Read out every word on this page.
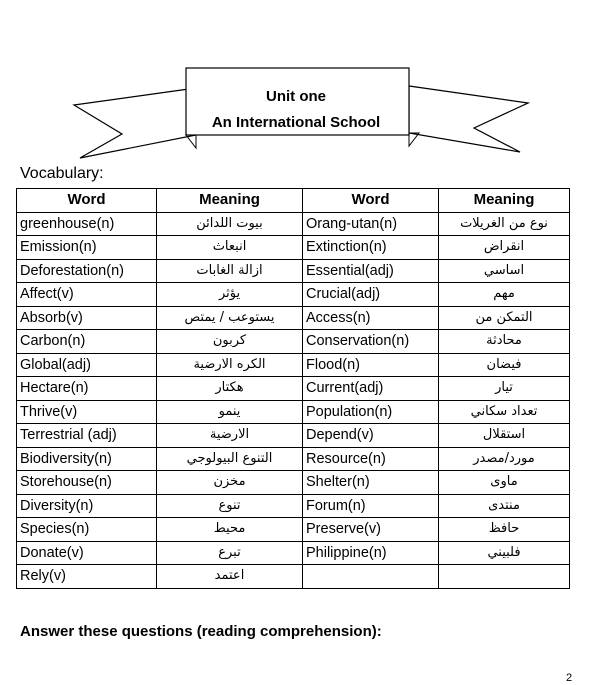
Unit one
An International School
Vocabulary:
Word	Meaning	Word	Meaning
greenhouse(n)	بيوت اللدائن	Orang-utan(n)	نوع من الغريلات
Emission(n)	انبعاث	Extinction(n)	انقراض
Deforestation(n)	ازالة الغابات	Essential(adj)	اساسي
Affect(v)	يؤثر	Crucial(adj)	مهم
Absorb(v)	يستوعب / يمتص	Access(n)	التمكن من
Carbon(n)	كربون	Conservation(n)	محادثة
Global(adj)	الكره الارضية	Flood(n)	فيضان
Hectare(n)	هكتار	Current(adj)	تيار
Thrive(v)	ينمو	Population(n)	تعداد سكاني
Terrestrial (adj)	الارضية	Depend(v)	استقلال
Biodiversity(n)	التنوع البيولوجي	Resource(n)	مورد/مصدر
Storehouse(n)	مخزن	Shelter(n)	ماوى
Diversity(n)	تنوع	Forum(n)	منتدى
Species(n)	محيط	Preserve(v)	حافظ
Donate(v)	تبرع	Philippine(n)	فلبيني
Rely(v)	اعتمد		
Answer these questions (reading comprehension):
2
